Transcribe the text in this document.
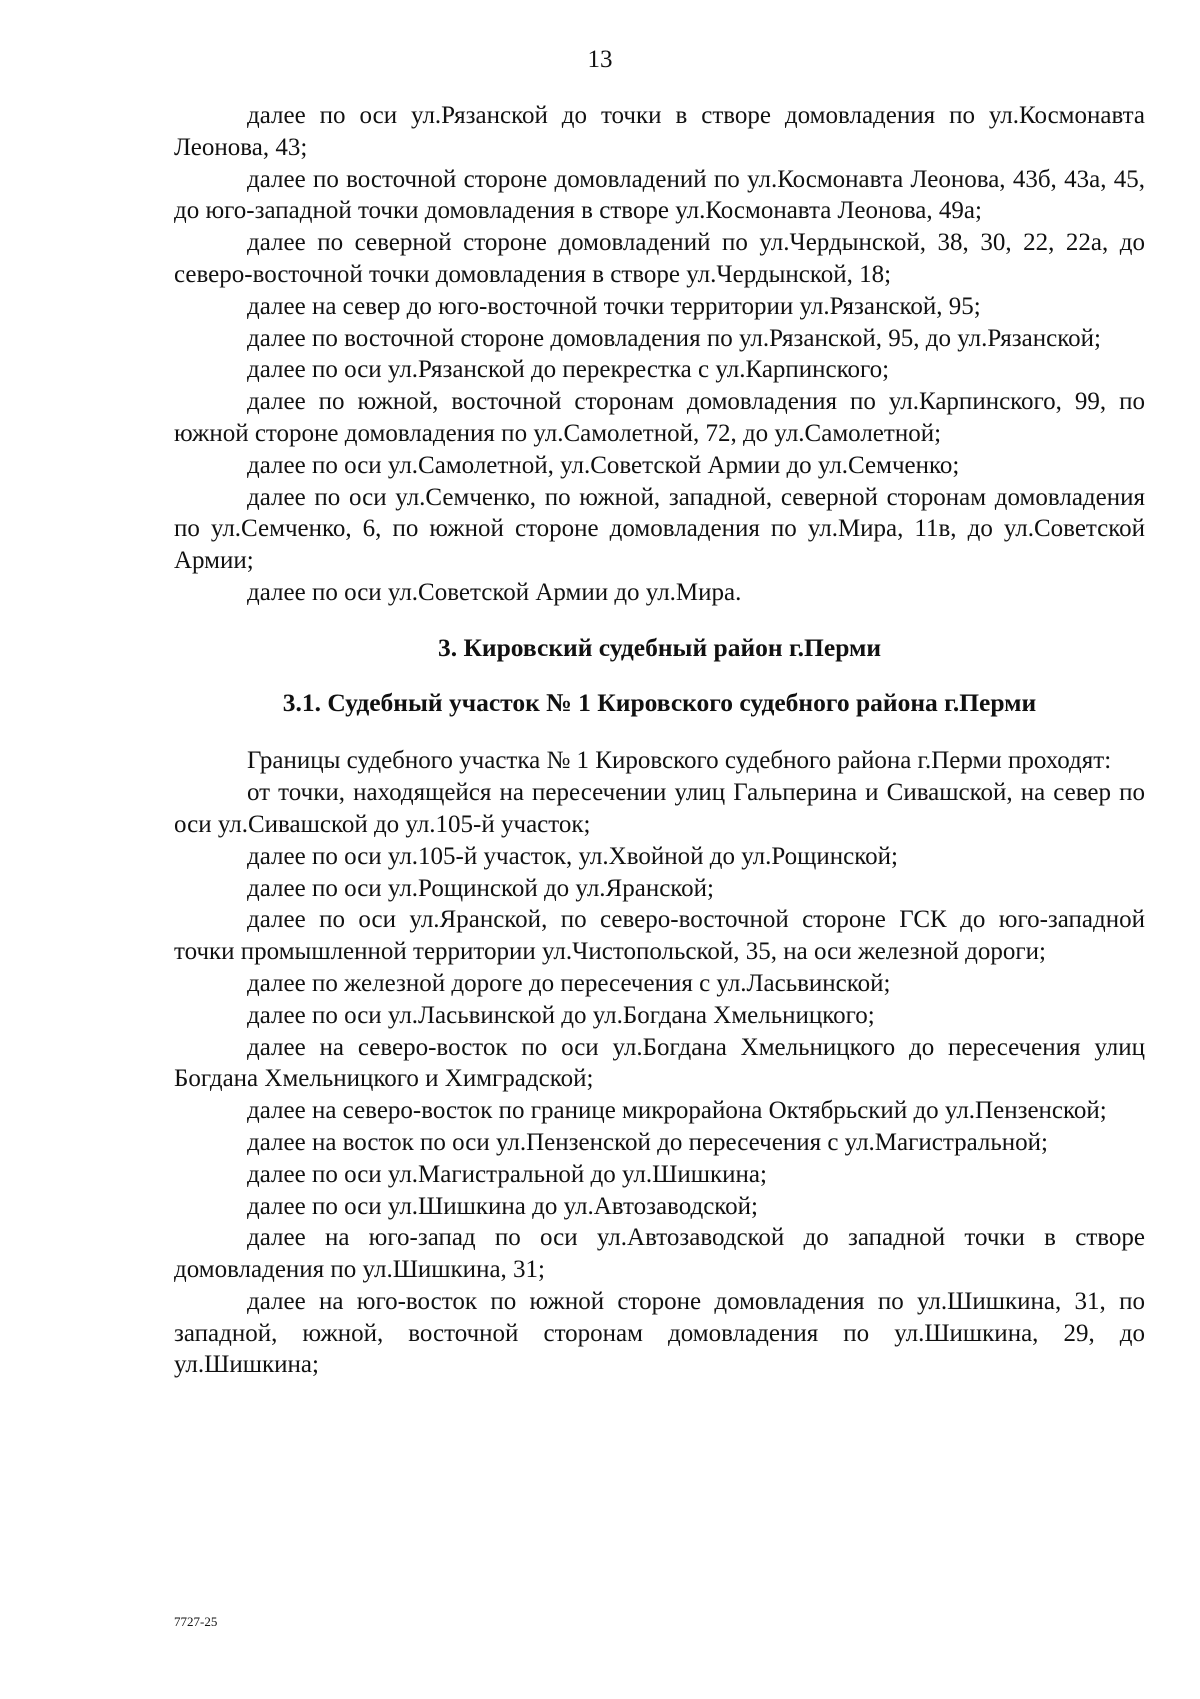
13

далее по оси ул.Рязанской до точки в створе домовладения по ул.Космонавта Леонова, 43;

далее по восточной стороне домовладений по ул.Космонавта Леонова, 43б, 43а, 45, до юго-западной точки домовладения в створе ул.Космонавта Леонова, 49а;

далее по северной стороне домовладений по ул.Чердынской, 38, 30, 22, 22а, до северо-восточной точки домовладения в створе ул.Чердынской, 18;

далее на север до юго-восточной точки территории ул.Рязанской, 95;

далее по восточной стороне домовладения по ул.Рязанской, 95, до ул.Рязанской;

далее по оси ул.Рязанской до перекрестка с ул.Карпинского;

далее по южной, восточной сторонам домовладения по ул.Карпинского, 99, по южной стороне домовладения по ул.Самолетной, 72, до ул.Самолетной;

далее по оси ул.Самолетной, ул.Советской Армии до ул.Семченко;

далее по оси ул.Семченко, по южной, западной, северной сторонам домовладения по ул.Семченко, 6, по южной стороне домовладения по ул.Мира, 11в, до ул.Советской Армии;

далее по оси ул.Советской Армии до ул.Мира.

3. Кировский судебный район г.Перми
3.1. Судебный участок № 1 Кировского судебного района г.Перми

Границы судебного участка № 1 Кировского судебного района г.Перми проходят:

от точки, находящейся на пересечении улиц Гальперина и Сивашской, на север по оси ул.Сивашской до ул.105-й участок;

далее по оси ул.105-й участок, ул.Хвойной до ул.Рощинской;

далее по оси ул.Рощинской до ул.Яранской;

далее по оси ул.Яранской, по северо-восточной стороне ГСК до юго-западной точки промышленной территории ул.Чистопольской, 35, на оси железной дороги;

далее по железной дороге до пересечения с ул.Ласьвинской;

далее по оси ул.Ласьвинской до ул.Богдана Хмельницкого;

далее на северо-восток по оси ул.Богдана Хмельницкого до пересечения улиц Богдана Хмельницкого и Химградской;

далее на северо-восток по границе микрорайона Октябрьский до ул.Пензенской;

далее на восток по оси ул.Пензенской до пересечения с ул.Магистральной;

далее по оси ул.Магистральной до ул.Шишкина;

далее по оси ул.Шишкина до ул.Автозаводской;

далее на юго-запад по оси ул.Автозаводской до западной точки в створе домовладения по ул.Шишкина, 31;

далее на юго-восток по южной стороне домовладения по ул.Шишкина, 31, по западной, южной, восточной сторонам домовладения по ул.Шишкина, 29, до ул.Шишкина;

7727-25
